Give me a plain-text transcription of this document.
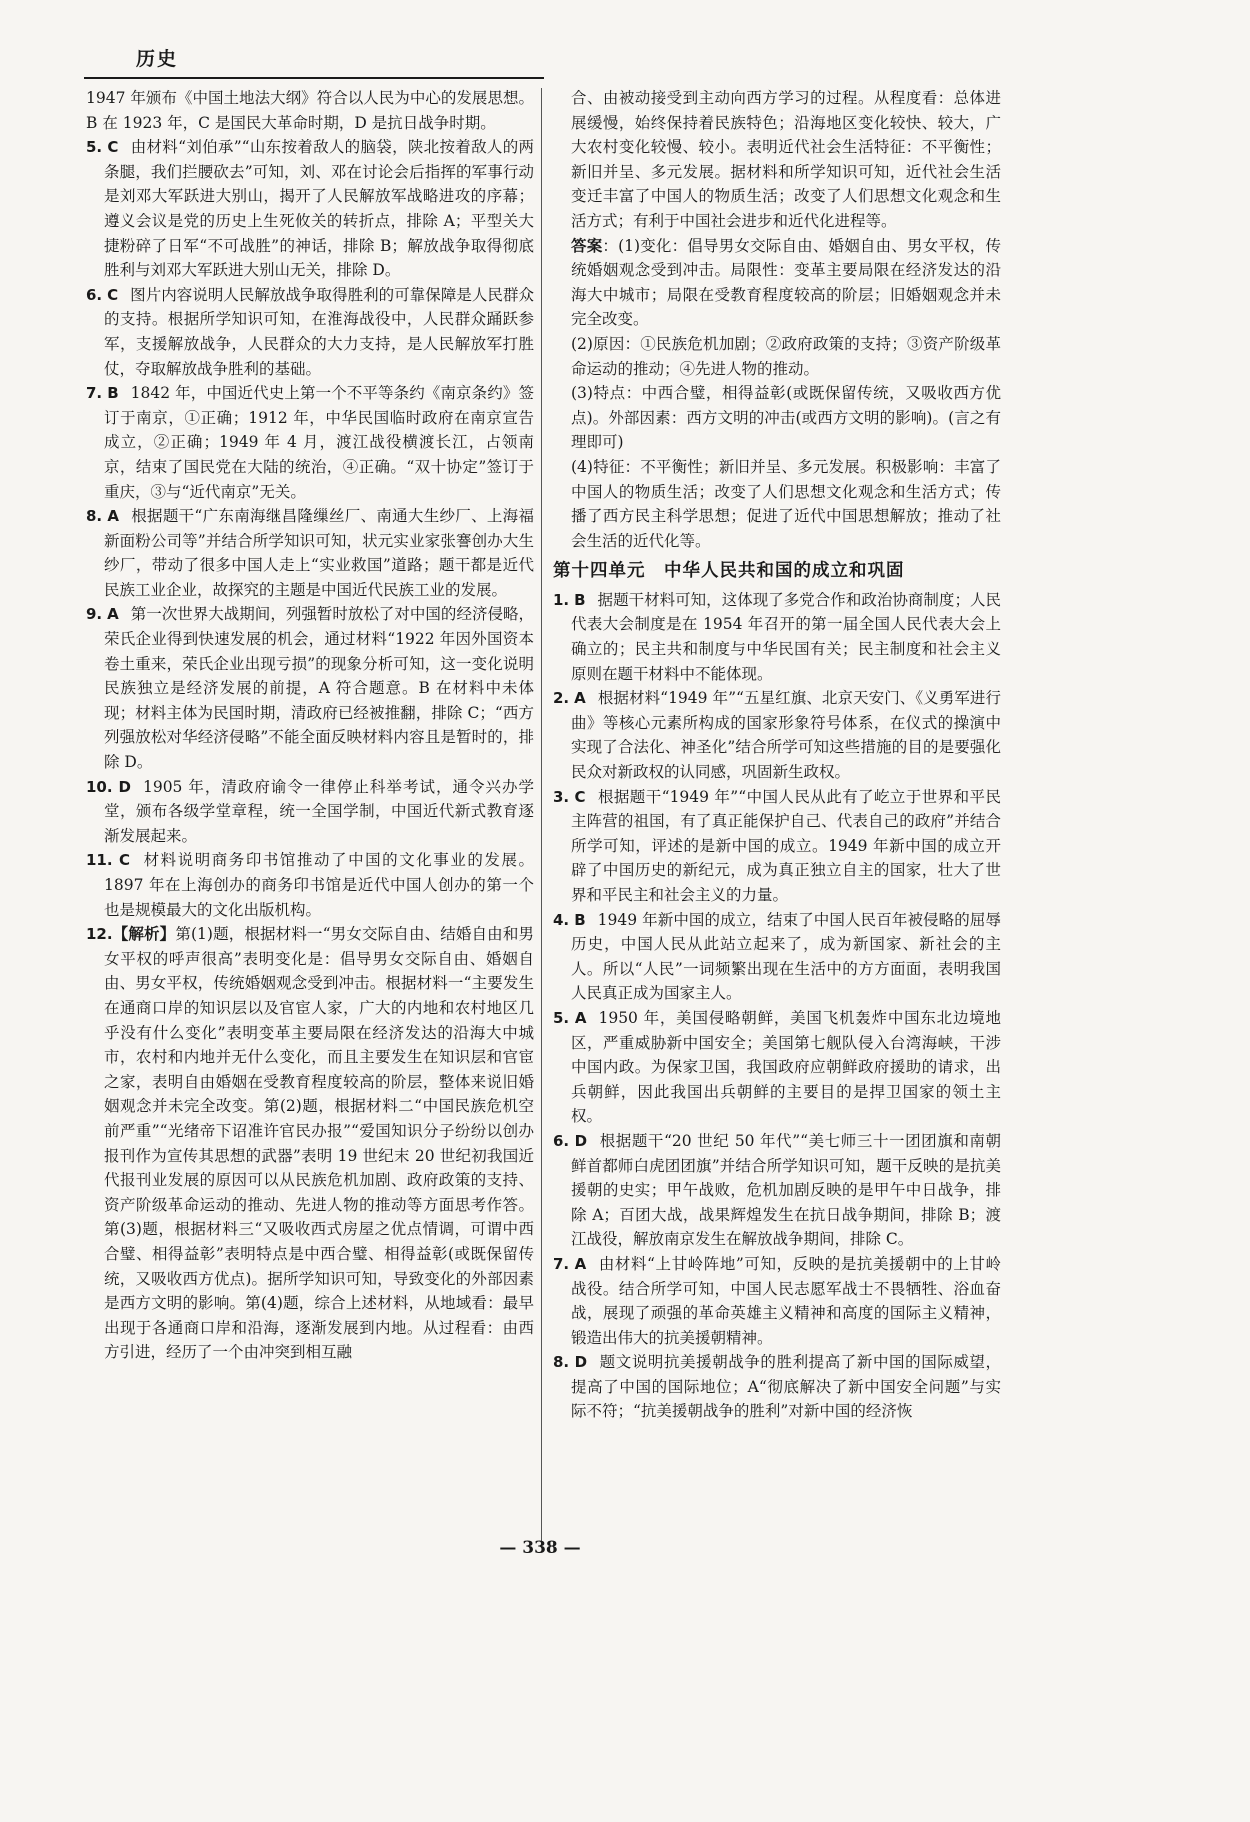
历史

1947 年颁布《中国土地法大纲》符合以人民为中心的发展思想。B 在 1923 年，C 是国民大革命时期，D 是抗日战争时期。

5. C 由材料“刘伯承”“山东按着敌人的脑袋，陕北按着敌人的两条腿，我们拦腰砍去”可知，刘、邓在讨论会后指挥的军事行动是刘邓大军跃进大别山，揭开了人民解放军战略进攻的序幕；遵义会议是党的历史上生死攸关的转折点，排除 A；平型关大捷粉碎了日军“不可战胜”的神话，排除 B；解放战争取得彻底胜利与刘邓大军跃进大别山无关，排除 D。

6. C 图片内容说明人民解放战争取得胜利的可靠保障是人民群众的支持。根据所学知识可知，在淮海战役中，人民群众踊跃参军，支援解放战争，人民群众的大力支持，是人民解放军打胜仗，夺取解放战争胜利的基础。

7. B 1842 年，中国近代史上第一个不平等条约《南京条约》签订于南京，①正确；1912 年，中华民国临时政府在南京宣告成立，②正确；1949 年 4 月，渡江战役横渡长江，占领南京，结束了国民党在大陆的统治，④正确。“双十协定”签订于重庆，③与“近代南京”无关。

8. A 根据题干“广东南海继昌隆缫丝厂、南通大生纱厂、上海福新面粉公司等”并结合所学知识可知，状元实业家张謇创办大生纱厂，带动了很多中国人走上“实业救国”道路；题干都是近代民族工业企业，故探究的主题是中国近代民族工业的发展。

9. A 第一次世界大战期间，列强暂时放松了对中国的经济侵略，荣氏企业得到快速发展的机会，通过材料“1922 年因外国资本卷土重来，荣氏企业出现亏损”的现象分析可知，这一变化说明民族独立是经济发展的前提，A 符合题意。B 在材料中未体现；材料主体为民国时期，清政府已经被推翻，排除 C；“西方列强放松对华经济侵略”不能全面反映材料内容且是暂时的，排除 D。

10. D 1905 年，清政府谕令一律停止科举考试，通令兴办学堂，颁布各级学堂章程，统一全国学制，中国近代新式教育逐渐发展起来。

11. C 材料说明商务印书馆推动了中国的文化事业的发展。1897 年在上海创办的商务印书馆是近代中国人创办的第一个也是规模最大的文化出版机构。

12.【解析】第(1)题，根据材料一“男女交际自由、结婚自由和男女平权的呼声很高”表明变化是：倡导男女交际自由、婚姻自由、男女平权，传统婚姻观念受到冲击。根据材料一“主要发生在通商口岸的知识层以及官宦人家，广大的内地和农村地区几乎没有什么变化”表明变革主要局限在经济发达的沿海大中城市，农村和内地并无什么变化，而且主要发生在知识层和官宦之家，表明自由婚姻在受教育程度较高的阶层，整体来说旧婚姻观念并未完全改变。第(2)题，根据材料二“中国民族危机空前严重”“光绪帝下诏准许官民办报”“爱国知识分子纷纷以创办报刊作为宣传其思想的武器”表明 19 世纪末 20 世纪初我国近代报刊业发展的原因可以从民族危机加剧、政府政策的支持、资产阶级革命运动的推动、先进人物的推动等方面思考作答。第(3)题，根据材料三“又吸收西式房屋之优点情调，可谓中西合璧、相得益彰”表明特点是中西合璧、相得益彰(或既保留传统，又吸收西方优点)。据所学知识可知，导致变化的外部因素是西方文明的影响。第(4)题，综合上述材料，从地域看：最早出现于各通商口岸和沿海，逐渐发展到内地。从过程看：由西方引进，经历了一个由冲突到相互融

合、由被动接受到主动向西方学习的过程。从程度看：总体进展缓慢，始终保持着民族特色；沿海地区变化较快、较大，广大农村变化较慢、较小。表明近代社会生活特征：不平衡性；新旧并呈、多元发展。据材料和所学知识可知，近代社会生活变迁丰富了中国人的物质生活；改变了人们思想文化观念和生活方式；有利于中国社会进步和近代化进程等。

答案：(1)变化：倡导男女交际自由、婚姻自由、男女平权，传统婚姻观念受到冲击。局限性：变革主要局限在经济发达的沿海大中城市；局限在受教育程度较高的阶层；旧婚姻观念并未完全改变。

(2)原因：①民族危机加剧；②政府政策的支持；③资产阶级革命运动的推动；④先进人物的推动。

(3)特点：中西合璧，相得益彰(或既保留传统，又吸收西方优点)。外部因素：西方文明的冲击(或西方文明的影响)。(言之有理即可)

(4)特征：不平衡性；新旧并呈、多元发展。积极影响：丰富了中国人的物质生活；改变了人们思想文化观念和生活方式；传播了西方民主科学思想；促进了近代中国思想解放；推动了社会生活的近代化等。

第十四单元　中华人民共和国的成立和巩固

1. B 据题干材料可知，这体现了多党合作和政治协商制度；人民代表大会制度是在 1954 年召开的第一届全国人民代表大会上确立的；民主共和制度与中华民国有关；民主制度和社会主义原则在题干材料中不能体现。

2. A 根据材料“1949 年”“五星红旗、北京天安门、《义勇军进行曲》等核心元素所构成的国家形象符号体系，在仪式的操演中实现了合法化、神圣化”结合所学可知这些措施的目的是要强化民众对新政权的认同感，巩固新生政权。

3. C 根据题干“1949 年”“中国人民从此有了屹立于世界和平民主阵营的祖国，有了真正能保护自己、代表自己的政府”并结合所学可知，评述的是新中国的成立。1949 年新中国的成立开辟了中国历史的新纪元，成为真正独立自主的国家，壮大了世界和平民主和社会主义的力量。

4. B 1949 年新中国的成立，结束了中国人民百年被侵略的屈辱历史，中国人民从此站立起来了，成为新国家、新社会的主人。所以“人民”一词频繁出现在生活中的方方面面，表明我国人民真正成为国家主人。

5. A 1950 年，美国侵略朝鲜，美国飞机轰炸中国东北边境地区，严重威胁新中国安全；美国第七舰队侵入台湾海峡，干涉中国内政。为保家卫国，我国政府应朝鲜政府援助的请求，出兵朝鲜，因此我国出兵朝鲜的主要目的是捍卫国家的领土主权。

6. D 根据题干“20 世纪 50 年代”“美七师三十一团团旗和南朝鲜首都师白虎团团旗”并结合所学知识可知，题干反映的是抗美援朝的史实；甲午战败，危机加剧反映的是甲午中日战争，排除 A；百团大战，战果辉煌发生在抗日战争期间，排除 B；渡江战役，解放南京发生在解放战争期间，排除 C。

7. A 由材料“上甘岭阵地”可知，反映的是抗美援朝中的上甘岭战役。结合所学可知，中国人民志愿军战士不畏牺牲、浴血奋战，展现了顽强的革命英雄主义精神和高度的国际主义精神，锻造出伟大的抗美援朝精神。

8. D 题文说明抗美援朝战争的胜利提高了新中国的国际威望，提高了中国的国际地位；A“彻底解决了新中国安全问题”与实际不符；“抗美援朝战争的胜利”对新中国的经济恢

— 338 —
